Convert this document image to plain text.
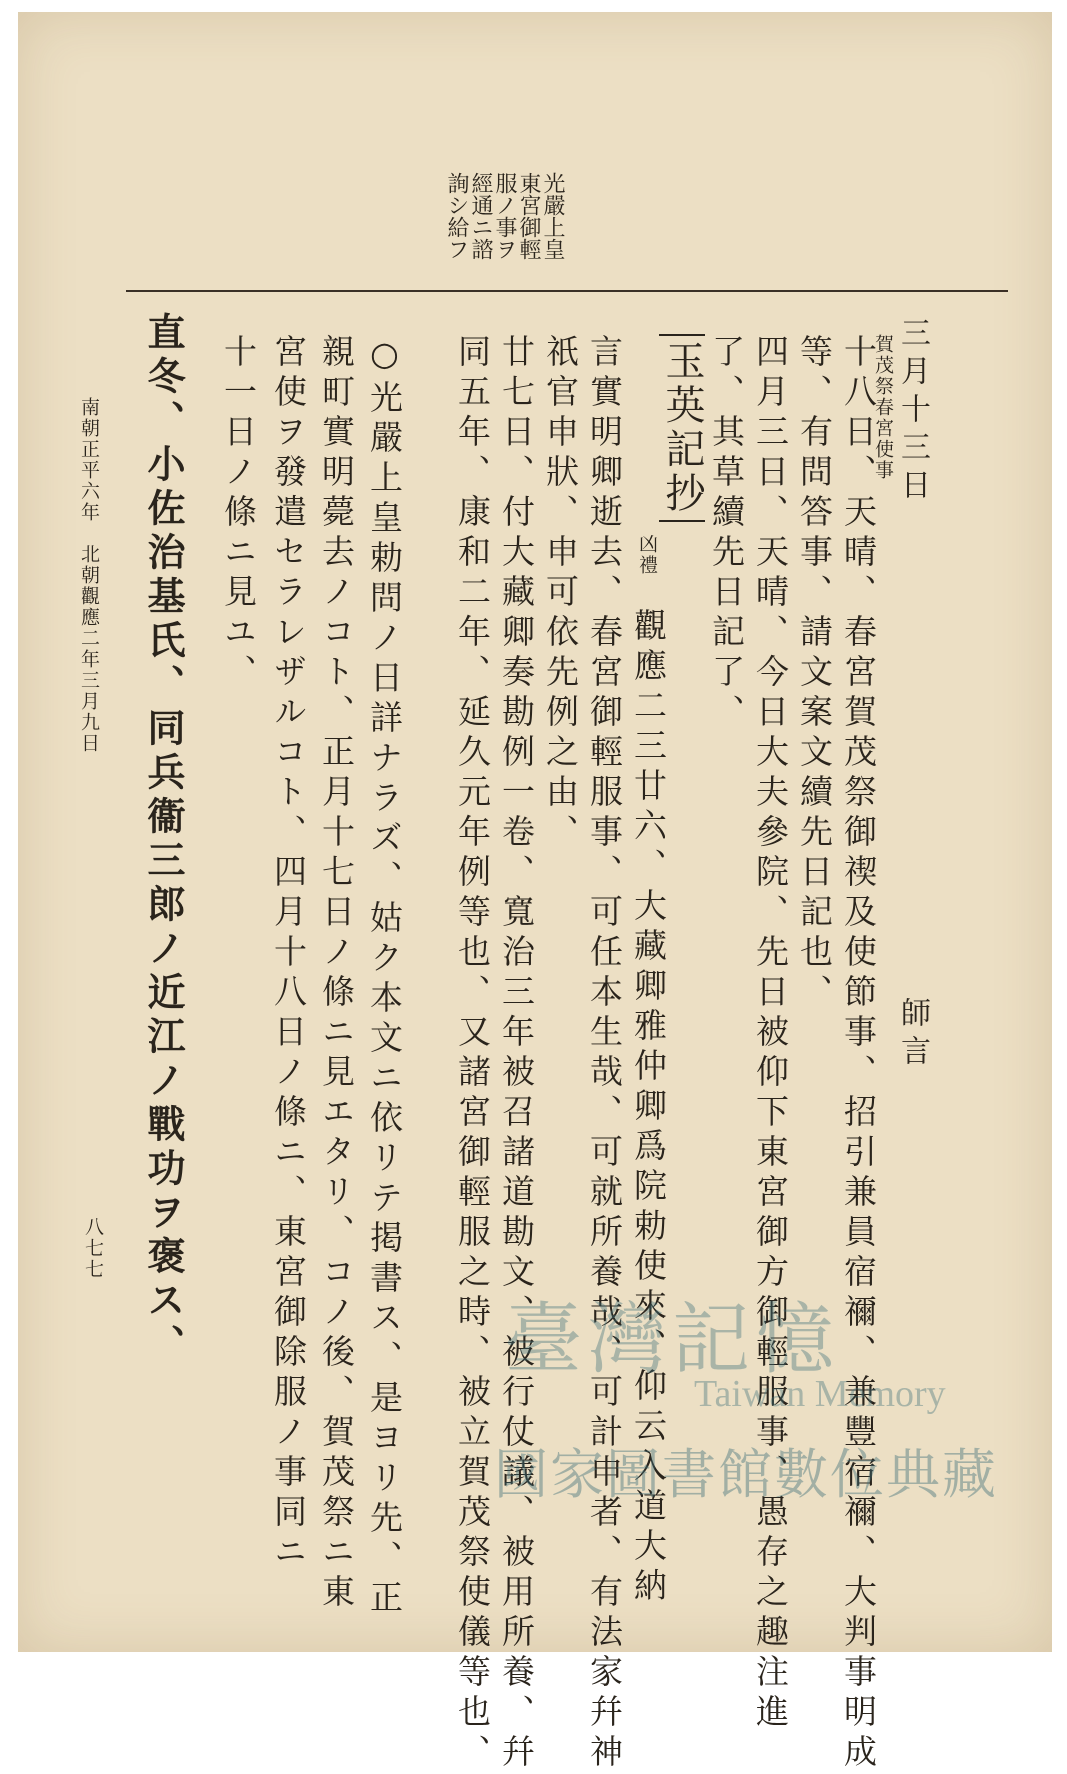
光嚴上皇
東宮御輕
服ノ事ヲ
經通ニ諮
詢シ給フ
三月十三日
師言
賀茂祭春宮使事
十八日、天晴、春宮賀茂祭御禊及使節事、招引兼員宿禰、兼豐宿禰、大判事明成
等、有問答事、請文案文續先日記也、
四月三日、天晴、今日大夫參院、先日被仰下東宮御方御輕服事、愚存之趣注進
了、其草續先日記了、
玉英記抄
凶禮
觀應二三廿六、大藏卿雅仲卿爲院勅使來、仰云入道大納
言實明卿逝去、春宮御輕服事、可任本生哉、可就所養哉、可計申者、有法家幷神
祇官申狀、申可依先例之由、
廿七日、付大藏卿奏勘例一卷、寬治三年被召諸道勘文、被行仗議、被用所養、幷
同五年、康和二年、延久元年例等也、又諸宮御輕服之時、被立賀茂祭使儀等也、
○光嚴上皇勅問ノ日詳ナラズ、姑ク本文ニ依リテ掲書ス、是ヨリ先、正
親町實明薨去ノコト、正月十七日ノ條ニ見エタリ、コノ後、賀茂祭ニ東
宮使ヲ發遣セラレザルコト、四月十八日ノ條ニ、東宮御除服ノ事同ニ
十一日ノ條ニ見ユ、
直冬、小佐治基氏、同兵衞三郎ノ近江ノ戰功ヲ褒ス、
南朝正平六年　北朝觀應二年三月九日
八七七
臺灣記憶
Taiwan Memory
國家圖書館數位典藏
